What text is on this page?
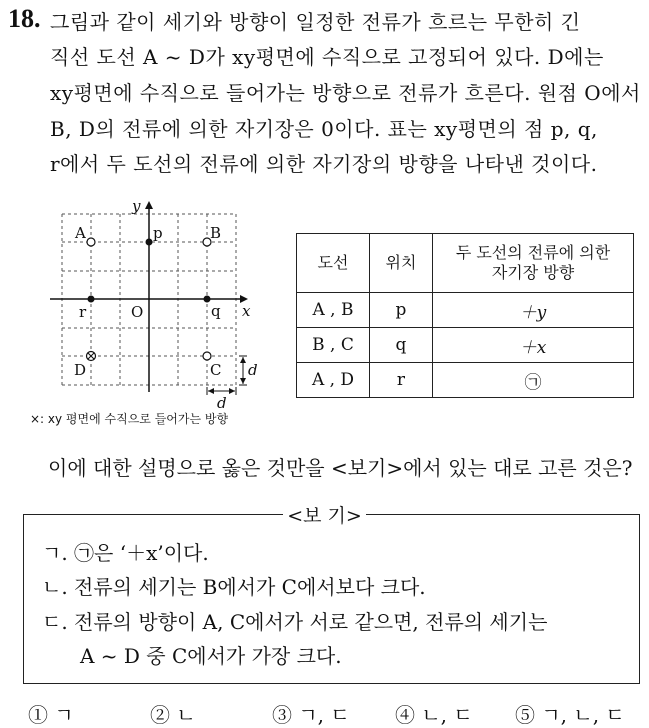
18. 그림과 같이 세기와 방향이 일정한 전류가 흐르는 무한히 긴
직선 도선 A ~ D가 xy평면에 수직으로 고정되어 있다. D에는
xy평면에 수직으로 들어가는 방향으로 전류가 흐른다. 원점 O에서
B, D의 전류에 의한 자기장은 0이다. 표는 xy평면의 점 p, q,
r에서 두 도선의 전류에 의한 자기장의 방향을 나타낸 것이다.
x
y
O
A	B
C
D
p
q
r
d
d
×: xy 평면에 수직으로 들어가는 방향
도선	위치	두 도선의 전류에 의한
자기장 방향

A , B	p	＋y
B , C	q	＋x
A , D	r	㉠
이에 대한 설명으로 옳은 것만을 <보기>에서 있는 대로 고른 것은?
<보 기>
ㄱ. ㉠은 ‘＋x’이다.
ㄴ. 전류의 세기는 B에서가 C에서보다 크다.
ㄷ. 전류의 방향이 A, C에서가 서로 같으면, 전류의 세기는
A ~ D 중 C에서가 가장 크다.
① ㄱ	② ㄴ	③ ㄱ, ㄷ ④ ㄴ, ㄷ ⑤ ㄱ, ㄴ, ㄷ
